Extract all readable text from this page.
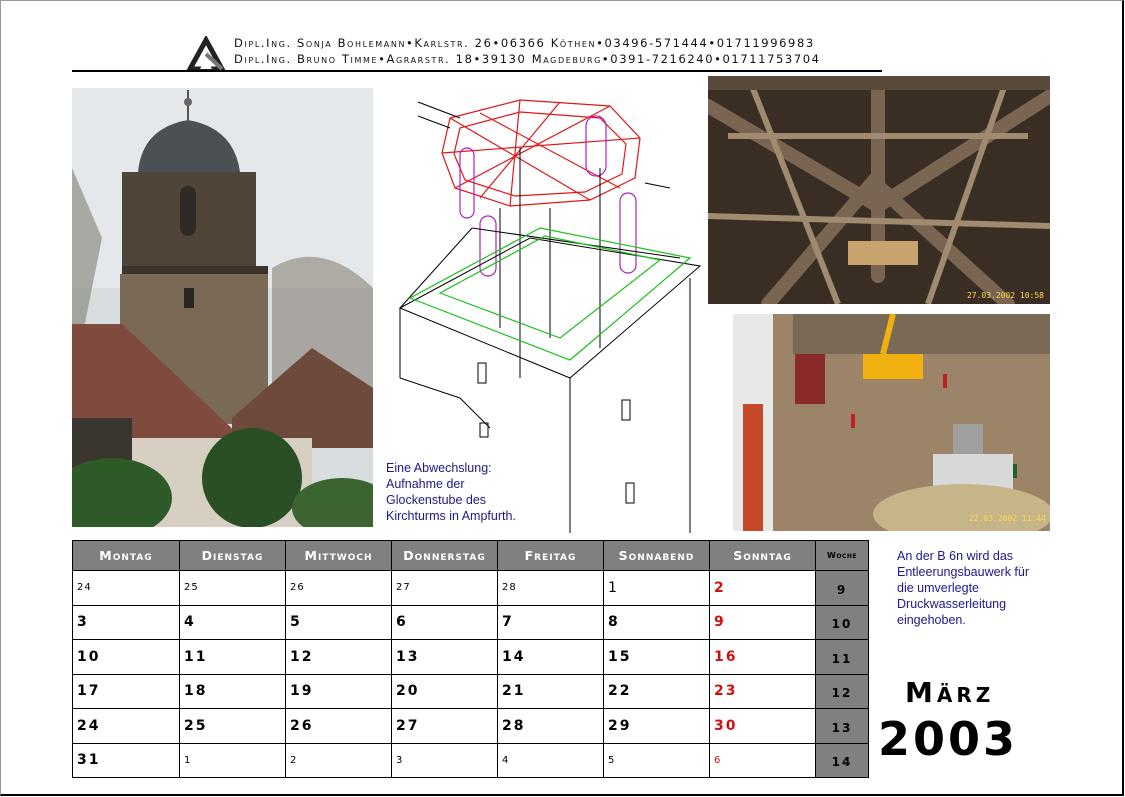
Dipl.Ing. Sonja Bohlemann•Karlstr. 26•06366 Köthen•03496-571444•01711996983
Dipl.Ing. Bruno Timme•Agrarstr. 18•39130 Magdeburg•0391-7216240•01711753704
Eine Abwechslung:
Aufnahme der
Glockenstube des
Kirchturms in Ampfurth.
27.03.2002 10:58
22.03.2002 11:44
An der B 6n wird das
Entleerungsbauwerk für
die umverlegte
Druckwasserleitung
eingehoben.
Montag	Dienstag	Mittwoch	Donnerstag	Freitag	Sonnabend	Sonntag	Woche
24	25	26	27	28	1	2	9
3	4	5	6	7	8	9	10
10	11	12	13	14	15	16	11
17	18	19	20	21	22	23	12
24	25	26	27	28	29	30	13
31	1	2	3	4	5	6	14
März
2003
